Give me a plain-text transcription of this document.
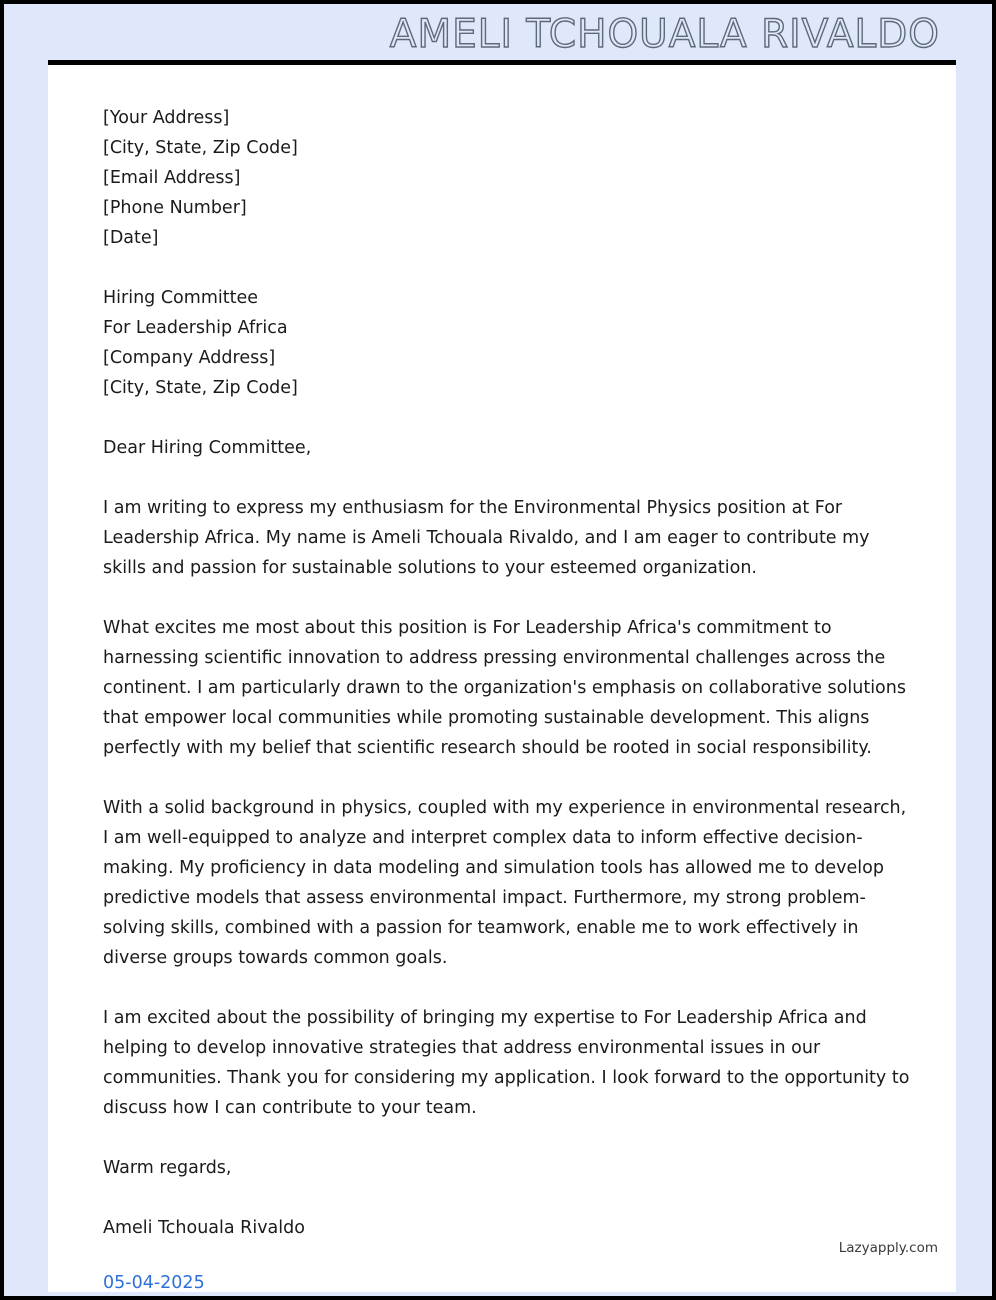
AMELI TCHOUALA RIVALDO
[Your Address]
[City, State, Zip Code]
[Email Address]
[Phone Number]
[Date]
Hiring Committee
For Leadership Africa
[Company Address]
[City, State, Zip Code]
Dear Hiring Committee,
I am writing to express my enthusiasm for the Environmental Physics position at For Leadership Africa. My name is Ameli Tchouala Rivaldo, and I am eager to contribute my skills and passion for sustainable solutions to your esteemed organization.
What excites me most about this position is For Leadership Africa's commitment to harnessing scientific innovation to address pressing environmental challenges across the continent. I am particularly drawn to the organization's emphasis on collaborative solutions that empower local communities while promoting sustainable development. This aligns perfectly with my belief that scientific research should be rooted in social responsibility.
With a solid background in physics, coupled with my experience in environmental research, I am well-equipped to analyze and interpret complex data to inform effective decision-making. My proficiency in data modeling and simulation tools has allowed me to develop predictive models that assess environmental impact. Furthermore, my strong problem-solving skills, combined with a passion for teamwork, enable me to work effectively in diverse groups towards common goals.
I am excited about the possibility of bringing my expertise to For Leadership Africa and helping to develop innovative strategies that address environmental issues in our communities. Thank you for considering my application. I look forward to the opportunity to discuss how I can contribute to your team.
Warm regards,
Ameli Tchouala Rivaldo
05-04-2025
Lazyapply.com
